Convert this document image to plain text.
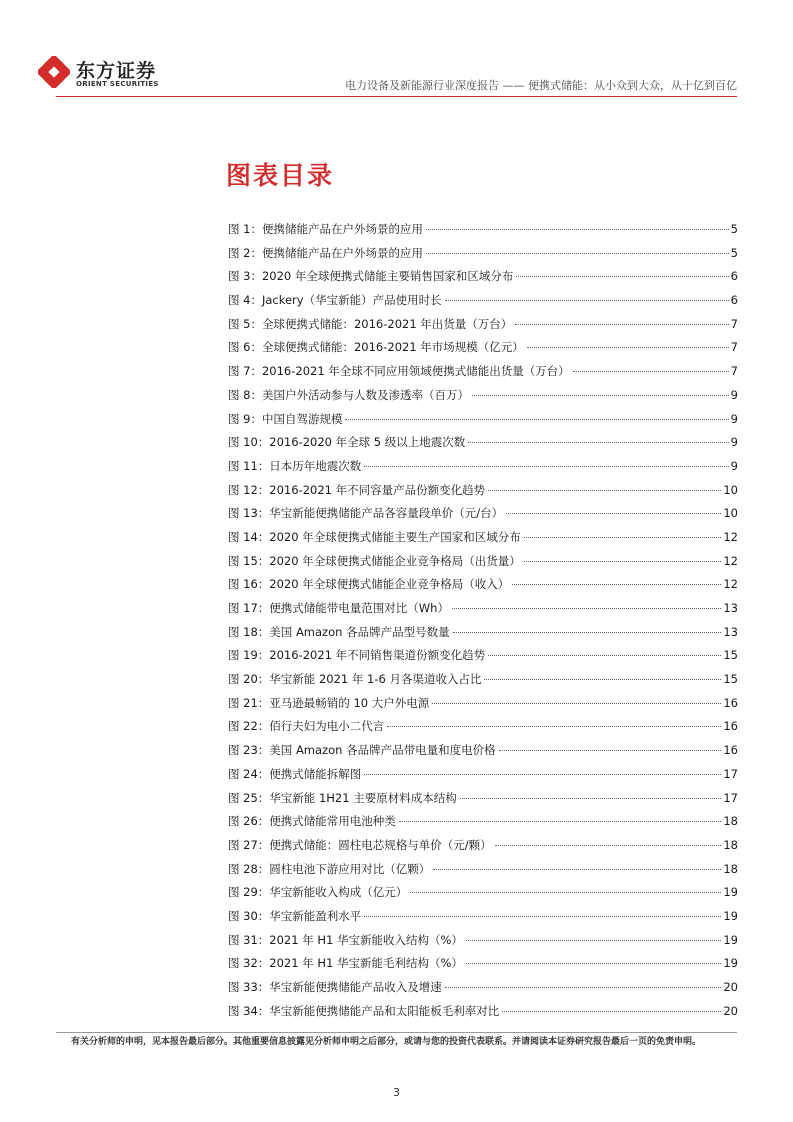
东方证券
ORIENT SECURITIES	电力设备及新能源行业深度报告 —— 便携式储能：从小众到大众，从十亿到百亿
图表目录
图 1：便携储能产品在户外场景的应用	5
图 2：便携储能产品在户外场景的应用	5
图 3：2020 年全球便携式储能主要销售国家和区域分布	6
图 4：Jackery（华宝新能）产品使用时长	6
图 5：全球便携式储能：2016-2021 年出货量（万台）	7
图 6：全球便携式储能：2016-2021 年市场规模（亿元）	7
图 7：2016-2021 年全球不同应用领域便携式储能出货量（万台）	7
图 8：美国户外活动参与人数及渗透率（百万）	9
图 9：中国自驾游规模	9
图 10：2016-2020 年全球 5 级以上地震次数	9
图 11：日本历年地震次数	9
图 12：2016-2021 年不同容量产品份额变化趋势	10
图 13：华宝新能便携储能产品各容量段单价（元/台）	10
图 14：2020 年全球便携式储能主要生产国家和区域分布	12
图 15：2020 年全球便携式储能企业竞争格局（出货量）	12
图 16：2020 年全球便携式储能企业竞争格局（收入）	12
图 17：便携式储能带电量范围对比（Wh）	13
图 18：美国 Amazon 各品牌产品型号数量	13
图 19：2016-2021 年不同销售渠道份额变化趋势	15
图 20：华宝新能 2021 年 1-6 月各渠道收入占比	15
图 21：亚马逊最畅销的 10 大户外电源	16
图 22：佰行夫妇为电小二代言	16
图 23：美国 Amazon 各品牌产品带电量和度电价格	16
图 24：便携式储能拆解图	17
图 25：华宝新能 1H21 主要原材料成本结构	17
图 26：便携式储能常用电池种类	18
图 27：便携式储能：圆柱电芯规格与单价（元/颗）	18
图 28：圆柱电池下游应用对比（亿颗）	18
图 29：华宝新能收入构成（亿元）	19
图 30：华宝新能盈利水平	19
图 31：2021 年 H1 华宝新能收入结构（%）	19
图 32：2021 年 H1 华宝新能毛利结构（%）	19
图 33：华宝新能便携储能产品收入及增速	20
图 34：华宝新能便携储能产品和太阳能板毛利率对比	20
有关分析师的申明，见本报告最后部分。其他重要信息披露见分析师申明之后部分，或请与您的投资代表联系。并请阅读本证券研究报告最后一页的免责申明。
3
